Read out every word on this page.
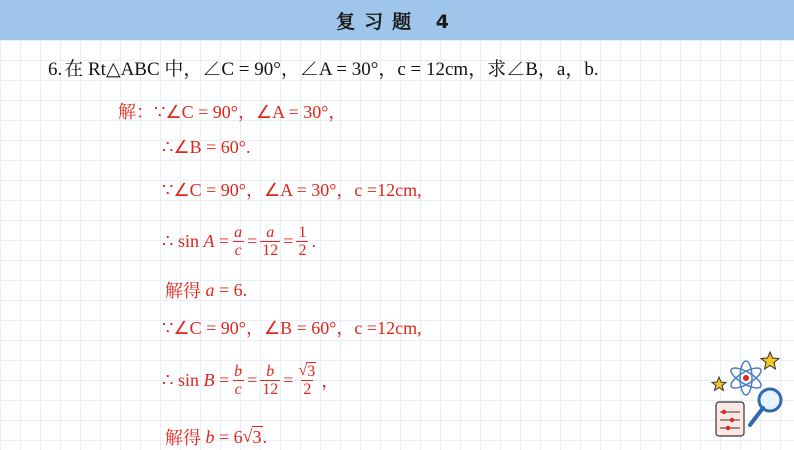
复习题 4
6. 在 Rt△ABC 中，∠C = 90°，∠A = 30°，c = 12cm，求∠B，a，b.
解： ∵∠C = 90°，∠A = 30°，
∴∠B = 60°.
∵∠C = 90°，∠A = 30°，c =12cm,
∴ sin
A
= $\frac{a}{c} = \frac{a}{12} = \frac{1}{2}$ .
解得
a
= 6.
∵∠C = 90°，∠B = 60°，c =12cm,
∴ sin
B
= $\frac{b}{c} = \frac{b}{12} = \frac{√ 3}{2}$ ，
解得
b
= 6 √ 3 .
